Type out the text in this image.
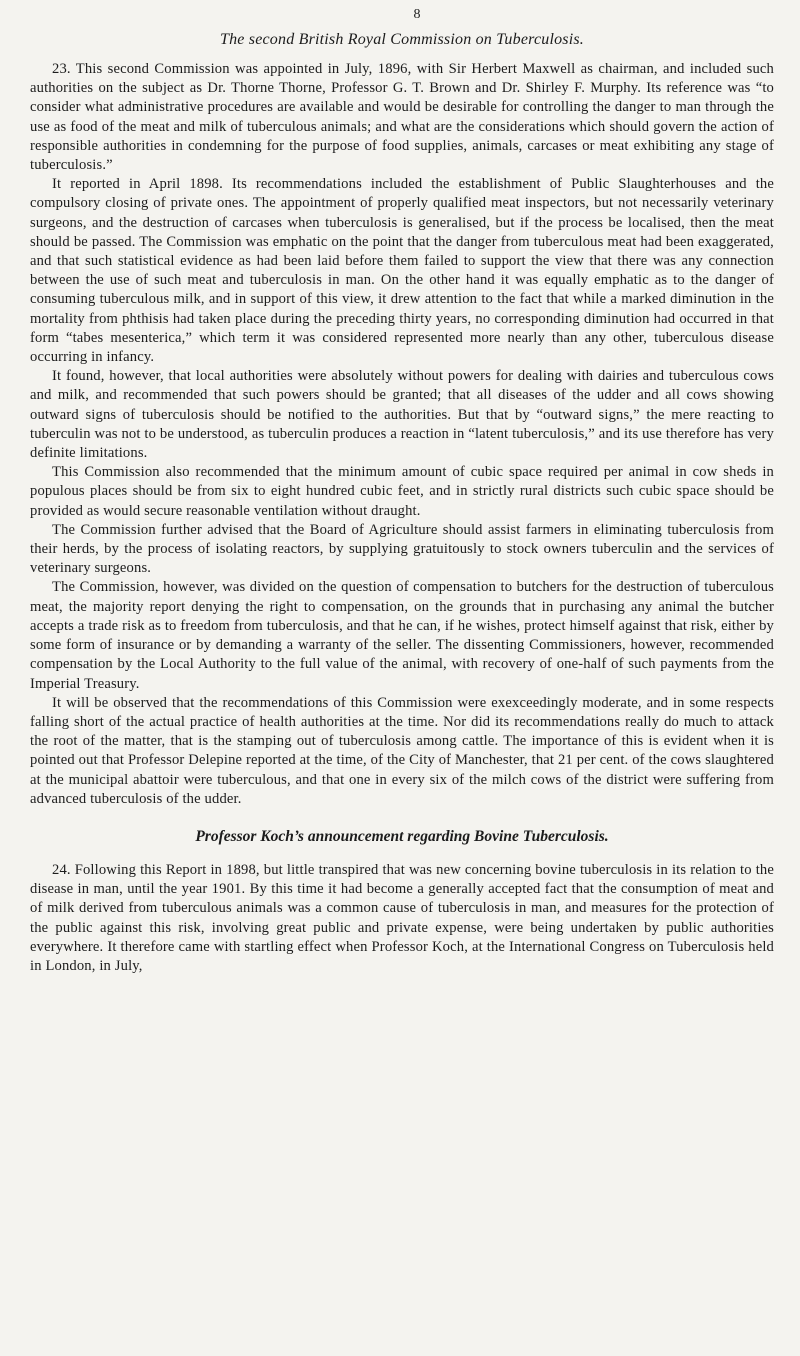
8
The second British Royal Commission on Tuberculosis.

23. This second Commission was appointed in July, 1896, with Sir Herbert Maxwell as chairman, and included such authorities on the subject as Dr. Thorne Thorne, Professor G. T. Brown and Dr. Shirley F. Murphy. Its reference was “to consider what administrative procedures are available and would be desirable for controlling the danger to man through the use as food of the meat and milk of tuberculous animals; and what are the considerations which should govern the action of responsible authorities in condemning for the purpose of food supplies, animals, carcases or meat exhibiting any stage of tuberculosis.”

It reported in April 1898. Its recommendations included the establishment of Public Slaughterhouses and the compulsory closing of private ones. The appointment of properly qualified meat inspectors, but not necessarily veterinary surgeons, and the destruction of carcases when tuberculosis is generalised, but if the process be localised, then the meat should be passed. The Commission was emphatic on the point that the danger from tuberculous meat had been exaggerated, and that such statistical evidence as had been laid before them failed to support the view that there was any connection between the use of such meat and tuberculosis in man. On the other hand it was equally emphatic as to the danger of consuming tuberculous milk, and in support of this view, it drew attention to the fact that while a marked diminution in the mortality from phthisis had taken place during the preceding thirty years, no corresponding diminution had occurred in that form “tabes mesenterica,” which term it was considered represented more nearly than any other, tuberculous disease occurring in infancy.

It found, however, that local authorities were absolutely without powers for dealing with dairies and tuberculous cows and milk, and recommended that such powers should be granted; that all diseases of the udder and all cows showing outward signs of tuberculosis should be notified to the authorities. But that by “outward signs,” the mere reacting to tuberculin was not to be understood, as tuberculin produces a reaction in “latent tuberculosis,” and its use therefore has very definite limitations.

This Commission also recommended that the minimum amount of cubic space required per animal in cow sheds in populous places should be from six to eight hundred cubic feet, and in strictly rural districts such cubic space should be provided as would secure reasonable ventilation without draught.

The Commission further advised that the Board of Agriculture should assist farmers in eliminating tuberculosis from their herds, by the process of isolating reactors, by supplying gratuitously to stock owners tuberculin and the services of veterinary surgeons.

The Commission, however, was divided on the question of compensation to butchers for the destruction of tuberculous meat, the majority report denying the right to compensation, on the grounds that in purchasing any animal the butcher accepts a trade risk as to freedom from tuberculosis, and that he can, if he wishes, protect himself against that risk, either by some form of insurance or by demanding a warranty of the seller. The dissenting Commissioners, however, recommended compensation by the Local Authority to the full value of the animal, with recovery of one-half of such payments from the Imperial Treasury.

It will be observed that the recommendations of this Commission were exexceedingly moderate, and in some respects falling short of the actual practice of health authorities at the time. Nor did its recommendations really do much to attack the root of the matter, that is the stamping out of tuberculosis among cattle. The importance of this is evident when it is pointed out that Professor Delepine reported at the time, of the City of Manchester, that 21 per cent. of the cows slaughtered at the municipal abattoir were tuberculous, and that one in every six of the milch cows of the district were suffering from advanced tuberculosis of the udder.

Professor Koch’s announcement regarding Bovine Tuberculosis.

24. Following this Report in 1898, but little transpired that was new concerning bovine tuberculosis in its relation to the disease in man, until the year 1901. By this time it had become a generally accepted fact that the consumption of meat and of milk derived from tuberculous animals was a common cause of tuberculosis in man, and measures for the protection of the public against this risk, involving great public and private expense, were being undertaken by public authorities everywhere. It therefore came with startling effect when Professor Koch, at the International Congress on Tuberculosis held in London, in July,
